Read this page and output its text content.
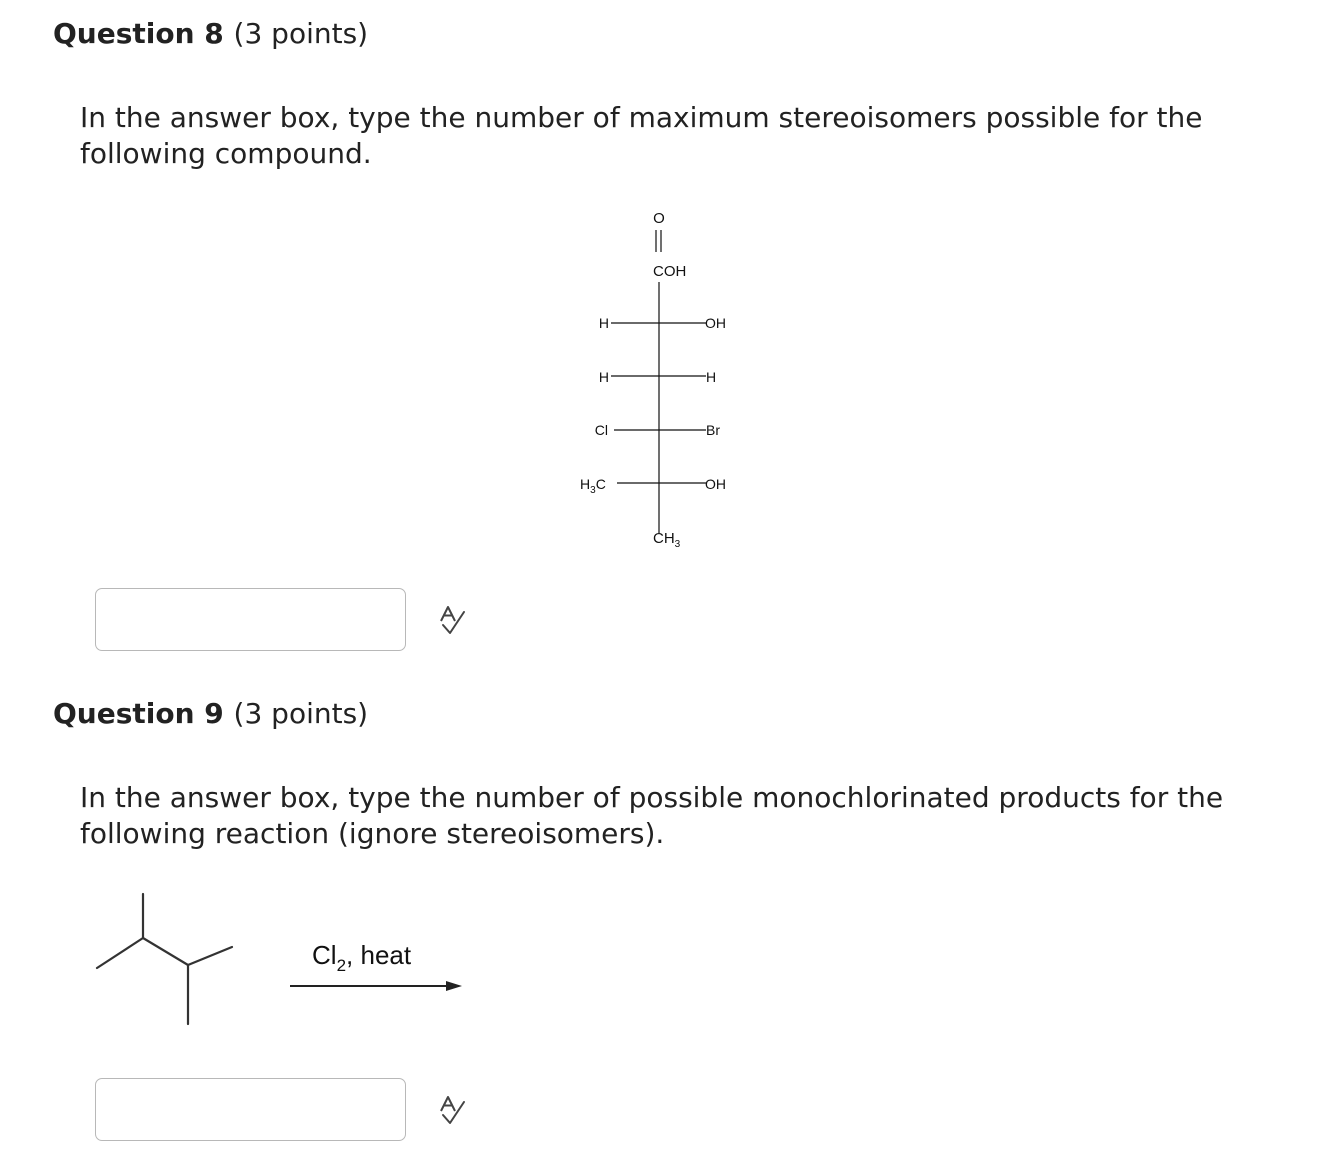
Question 8 (3 points)

In the answer box, type the number of maximum stereoisomers possible for the following compound.

O
COH
H	OH
H	H
Cl	Br
$H_3C$	OH
$CH_3$
Question 9 (3 points)

In the answer box, type the number of possible monochlorinated products for the following reaction (ignore stereoisomers).

$Cl_2$, heat
